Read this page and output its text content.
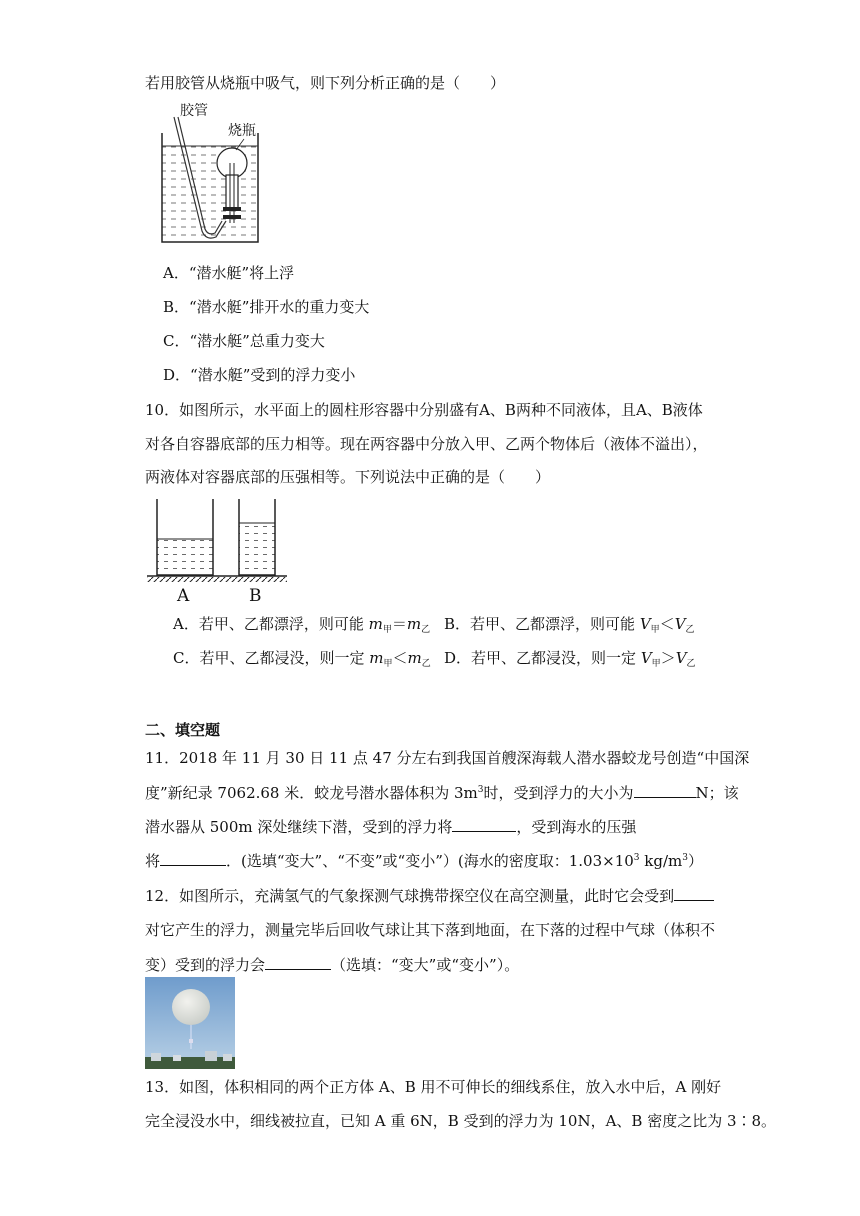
若用胶管从烧瓶中吸气，则下列分析正确的是（　　）
胶管
烧瓶
A．“潜水艇”将上浮
B．“潜水艇”排开水的重力变大
C．“潜水艇”总重力变大
D．“潜水艇”受到的浮力变小
10．如图所示，水平面上的圆柱形容器中分别盛有A、B两种不同液体，且A、B液体
对各自容器底部的压力相等。现在两容器中分放入甲、乙两个物体后（液体不溢出），
两液体对容器底部的压强相等。下列说法中正确的是（　　）
A	B
A．若甲、乙都漂浮，则可能 $m_甲=m_乙$ B．若甲、乙都漂浮，则可能 $V_甲<V_乙$
C．若甲、乙都浸没，则一定 $m_甲<m_乙$ D．若甲、乙都浸没，则一定 $V_甲>V_乙$
二、填空题
11．2018 年 11 月 30 日 11 点 47 分左右到我国首艘深海载人潜水器蛟龙号创造“中国深
度”新纪录 7062.68 米．蛟龙号潜水器体积为 $3m^3$时，受到浮力的大小为	N；该
潜水器从 500m 深处继续下潜，受到的浮力将	，受到海水的压强
将	．(选填“变大”、“不变”或“变小”）(海水的密度取：$1.03\times 10^3$ $kg/m^3$）
12．如图所示，充满氢气的气象探测气球携带探空仪在高空测量，此时它会受到
对它产生的浮力，测量完毕后回收气球让其下落到地面，在下落的过程中气球（体积不
变）受到的浮力会	（选填：“变大”或“变小”）。
13．如图，体积相同的两个正方体 A、B 用不可伸长的细线系住，放入水中后，A 刚好
完全浸没水中，细线被拉直，已知 A 重 6N，B 受到的浮力为 10N，A、B 密度之比为 3∶8。
